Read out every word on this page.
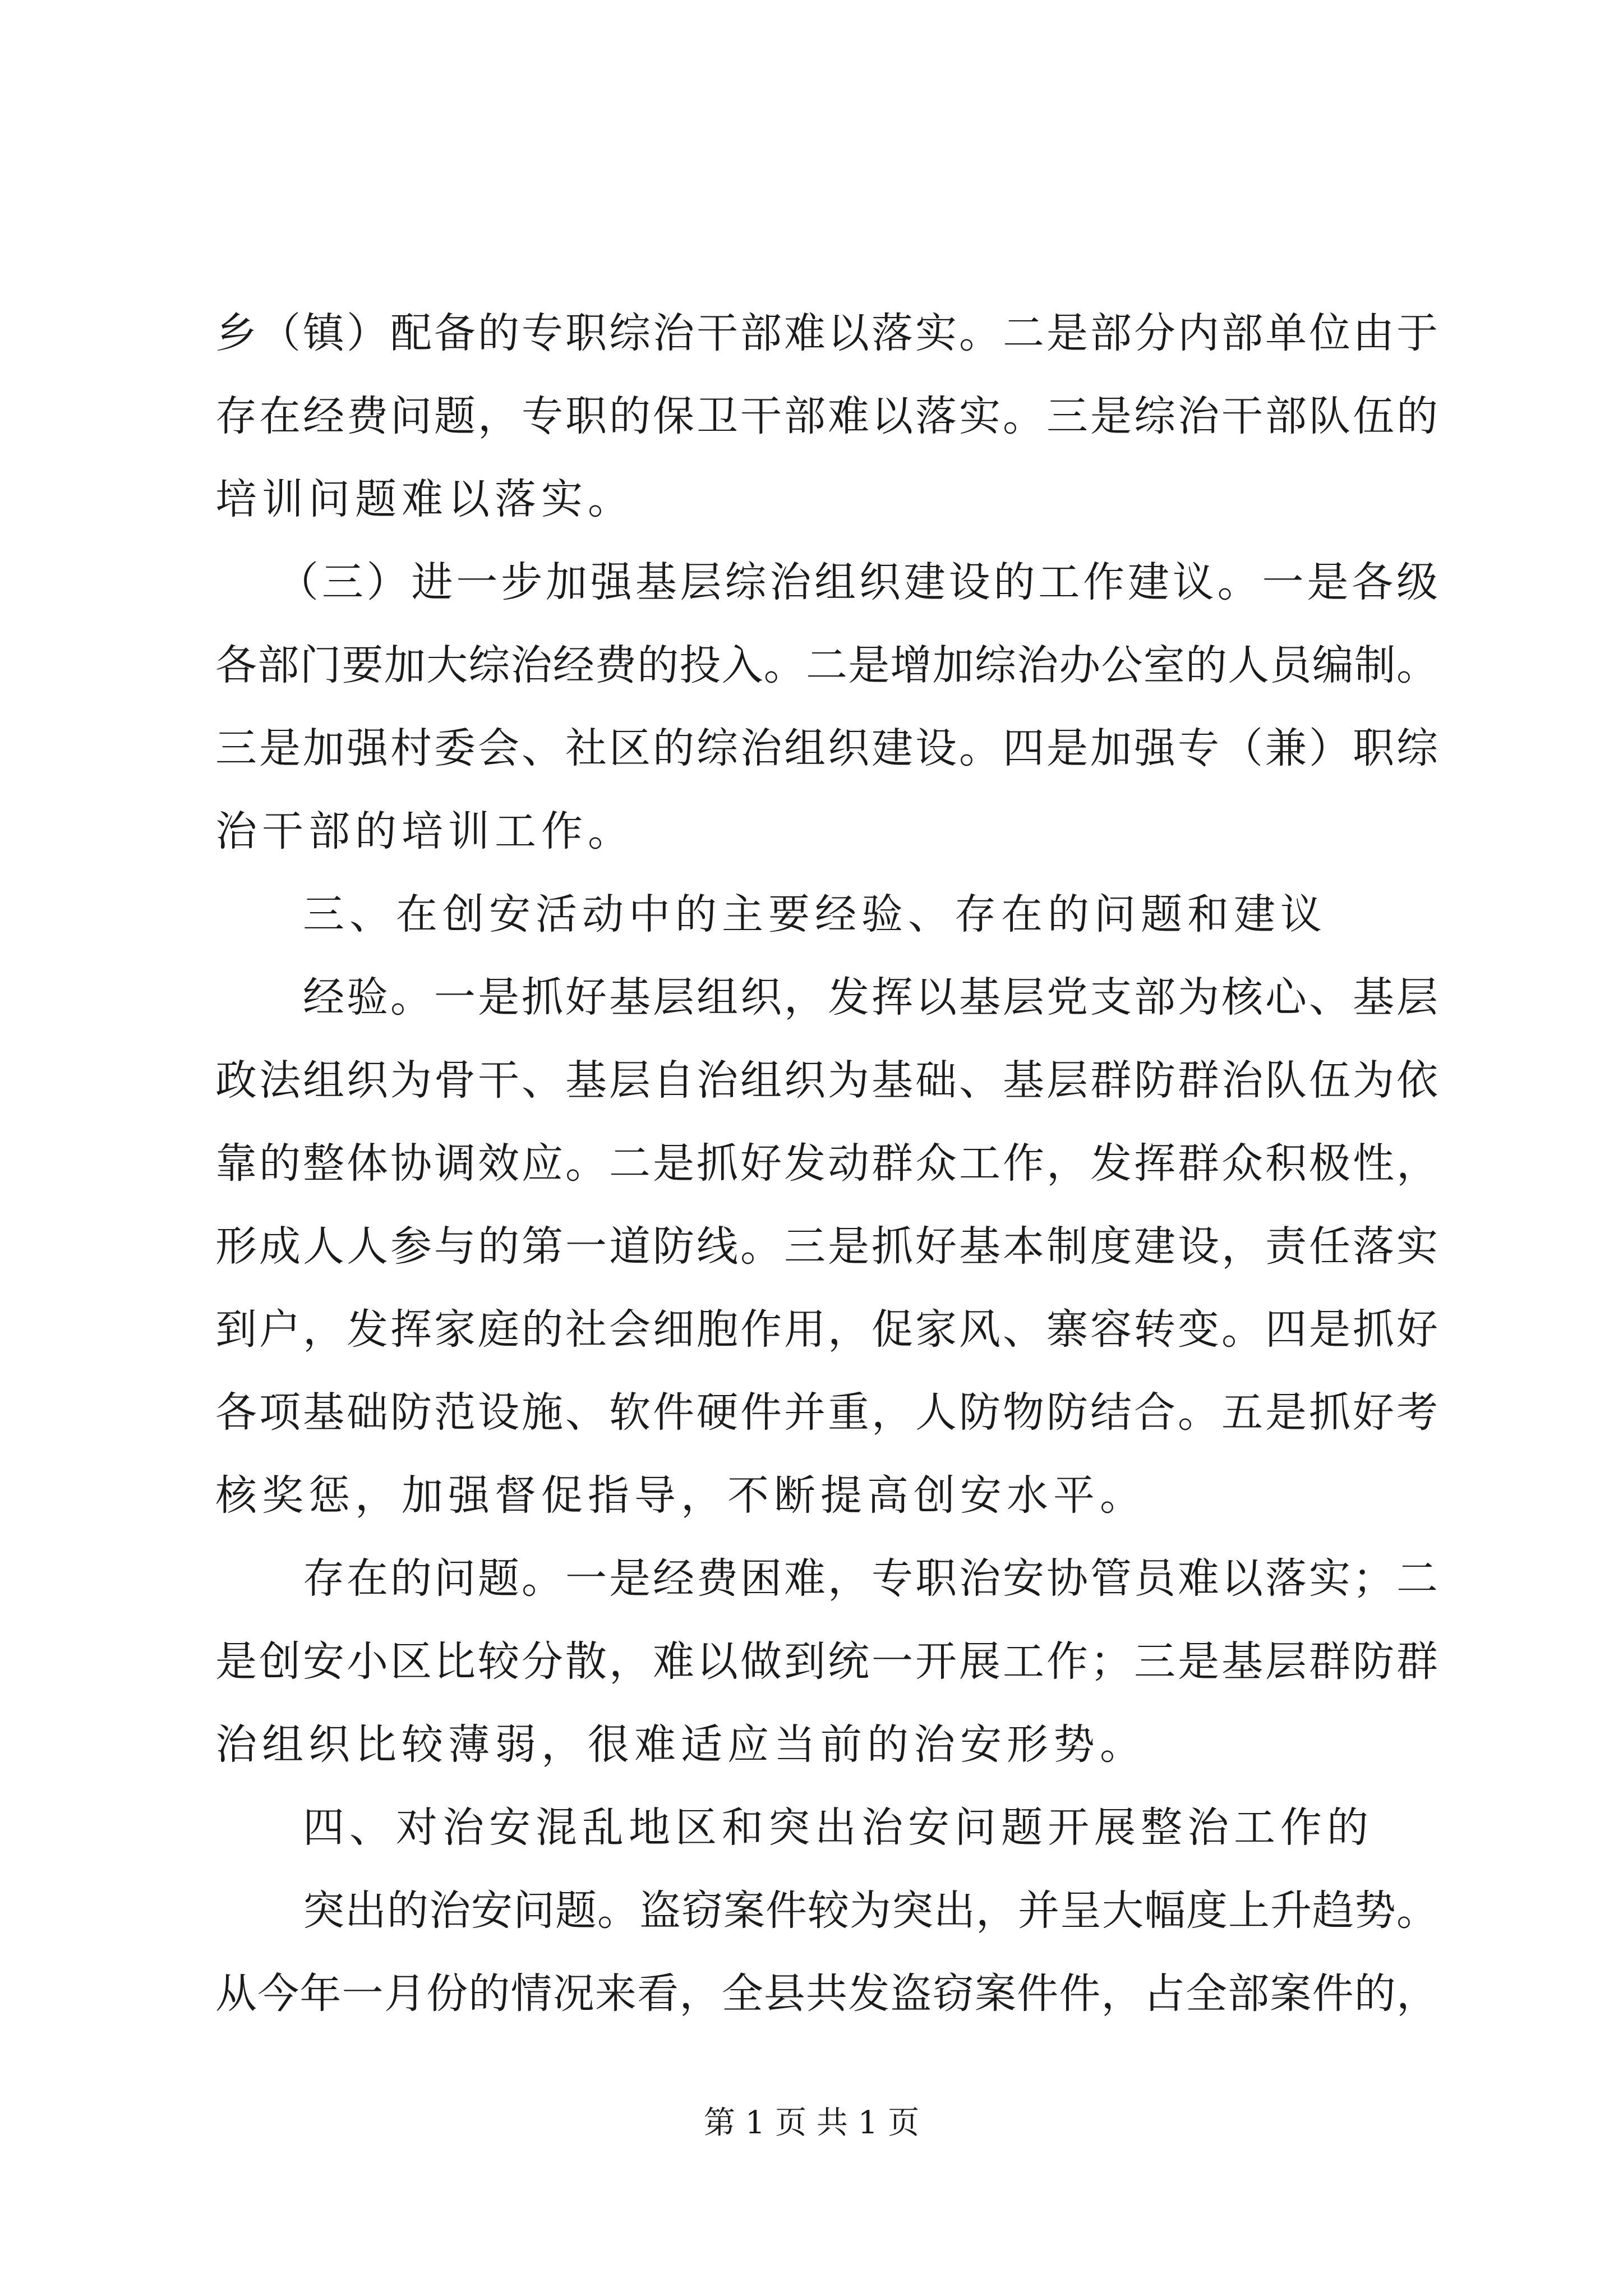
乡（镇）配备的专职综治干部难以落实。二是部分内部单位由于
存在经费问题，专职的保卫干部难以落实。三是综治干部队伍的
培训问题难以落实。
（三）进一步加强基层综治组织建设的工作建议。一是各级
各部门要加大综治经费的投入。二是增加综治办公室的人员编制。
三是加强村委会、社区的综治组织建设。四是加强专（兼）职综
治干部的培训工作。
三、在创安活动中的主要经验、存在的问题和建议
经验。一是抓好基层组织，发挥以基层党支部为核心、基层
政法组织为骨干、基层自治组织为基础、基层群防群治队伍为依
靠的整体协调效应。二是抓好发动群众工作，发挥群众积极性，
形成人人参与的第一道防线。三是抓好基本制度建设，责任落实
到户，发挥家庭的社会细胞作用，促家风、寨容转变。四是抓好
各项基础防范设施、软件硬件并重，人防物防结合。五是抓好考
核奖惩，加强督促指导，不断提高创安水平。
存在的问题。一是经费困难，专职治安协管员难以落实；二
是创安小区比较分散，难以做到统一开展工作；三是基层群防群
治组织比较薄弱，很难适应当前的治安形势。
四、对治安混乱地区和突出治安问题开展整治工作的
突出的治安问题。盗窃案件较为突出，并呈大幅度上升趋势。
从今年一月份的情况来看，全县共发盗窃案件件，占全部案件的，
第 1 页 共 1 页
